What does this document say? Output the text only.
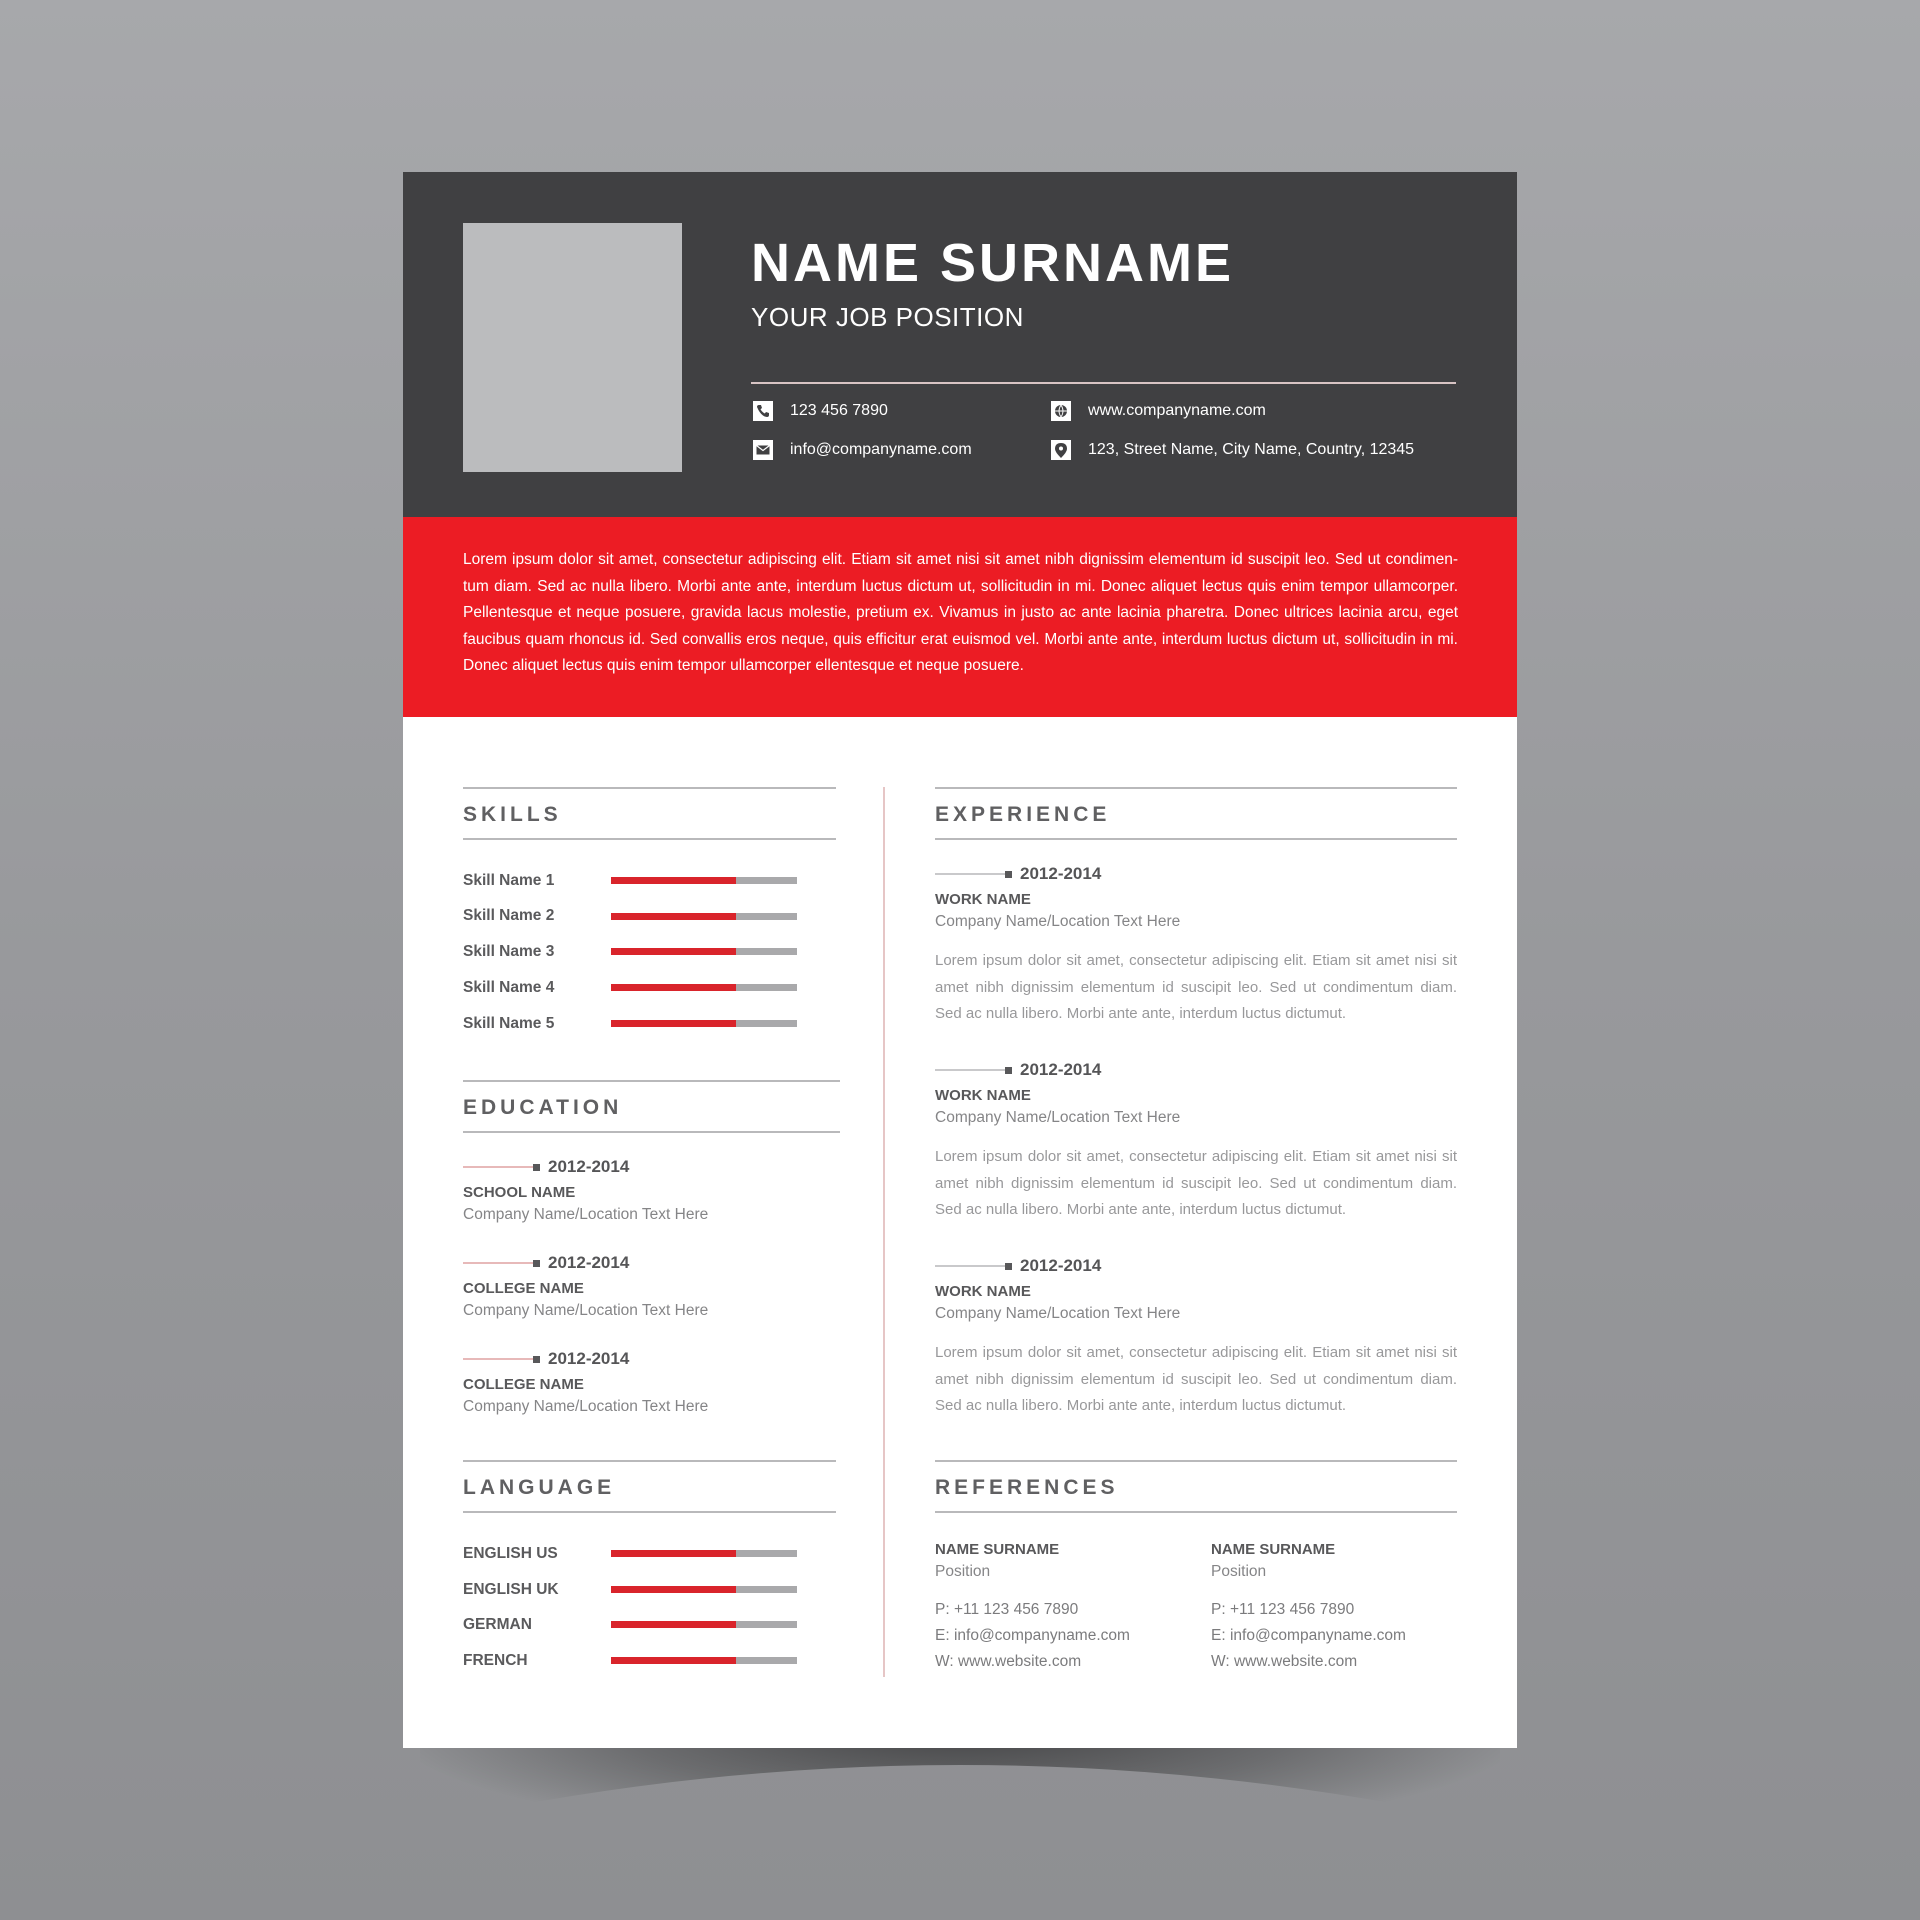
NAME SURNAME
YOUR JOB POSITION
123 456 7890
info@companyname.com
www.companyname.com
123, Street Name, City Name, Country, 12345

Lorem ipsum dolor sit amet, consectetur adipiscing elit. Etiam sit amet nisi sit amet nibh dignissim elementum id suscipit leo. Sed ut condimen-tum diam. Sed ac nulla libero. Morbi ante ante, interdum luctus dictum ut, sollicitudin in mi. Donec aliquet lectus quis enim tempor ullamcorper. Pellentesque et neque posuere, gravida lacus molestie, pretium ex. Vivamus in justo ac ante lacinia pharetra. Donec ultrices lacinia arcu, eget faucibus quam rhoncus id. Sed convallis eros neque, quis efficitur erat euismod vel. Morbi ante ante, interdum luctus dictum ut, sollicitudin in mi. Donec aliquet lectus quis enim tempor ullamcorper ellentesque et neque posuere.

SKILLS
Skill Name 1
Skill Name 2
Skill Name 3
Skill Name 4
Skill Name 5
EDUCATION
2012-2014
SCHOOL NAME
Company Name/Location Text Here
2012-2014
COLLEGE NAME
Company Name/Location Text Here
2012-2014
COLLEGE NAME
Company Name/Location Text Here
LANGUAGE
ENGLISH US
ENGLISH UK
GERMAN
FRENCH
EXPERIENCE
2012-2014
WORK NAME
Company Name/Location Text Here

Lorem ipsum dolor sit amet, consectetur adipiscing elit. Etiam sit amet nisi sit amet nibh dignissim elementum id suscipit leo. Sed ut condimentum diam. Sed ac nulla libero. Morbi ante ante, interdum luctus dictumut.

2012-2014
WORK NAME
Company Name/Location Text Here

Lorem ipsum dolor sit amet, consectetur adipiscing elit. Etiam sit amet nisi sit amet nibh dignissim elementum id suscipit leo. Sed ut condimentum diam. Sed ac nulla libero. Morbi ante ante, interdum luctus dictumut.

2012-2014
WORK NAME
Company Name/Location Text Here

Lorem ipsum dolor sit amet, consectetur adipiscing elit. Etiam sit amet nisi sit amet nibh dignissim elementum id suscipit leo. Sed ut condimentum diam. Sed ac nulla libero. Morbi ante ante, interdum luctus dictumut.

REFERENCES
NAME SURNAME
Position
P: +11 123 456 7890
E: info@companyname.com
W: www.website.com
NAME SURNAME
Position
P: +11 123 456 7890
E: info@companyname.com
W: www.website.com
